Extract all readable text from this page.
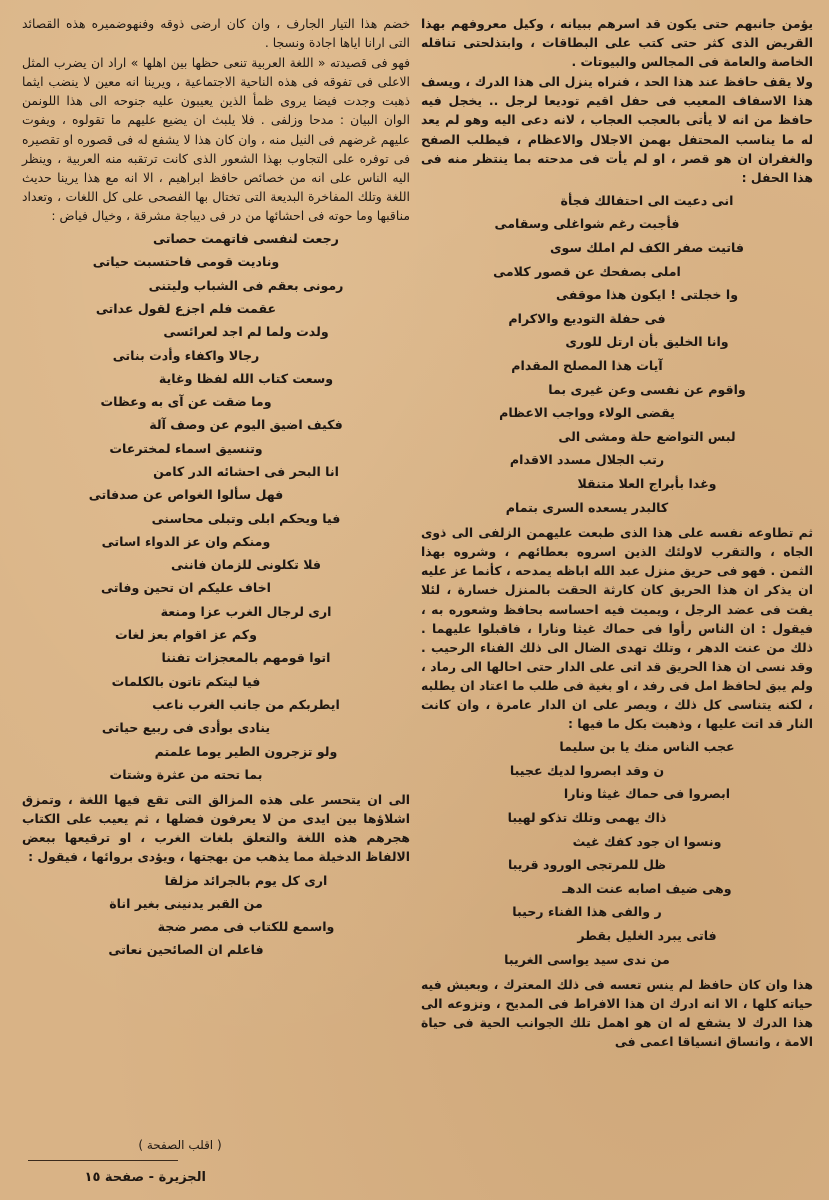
يؤمن جانبهم حتى يكون قد اسرهم ببيانه ، وكيل معروفهم بهذا القريض الذى كثر حتى كتب على البطاقات ، وابتذلحتى تناقله الخاصة والعامة فى المجالس والبيوتات .

ولا يقف حافظ عند هذا الحد ، فنراه ينزل الى هذا الدرك ، ويسف هذا الاسفاف المعيب فى حفل اقيم توديعا لرجل .. يخجل فيه حافظ من انه لا يأتى بالعجب العجاب ، لانه دعى اليه وهو لم يعد له ما يناسب المحتفل بهمن الاجلال والاعظام ، فيطلب الصفح والغفران ان هو قصر ، او لم يأت فى مدحته بما ينتظر منه فى هذا الحفل :

انى دعيت الى احتفالك فجأة

فأجبت رغم شواغلى وسقامى

فاتيت صفر الكف لم املك سوى

املى بصفحك عن قصور كلامى

وا خجلتى ! ايكون هذا موقفى

فى حفلة التوديع والاكرام

وانا الخليق بأن ارتل للورى

آيات هذا المصلح المقدام

واقوم عن نفسى وعن غيرى بما

يقضى الولاء وواجب الاعظام

لبس التواضع حلة ومشى الى

رتب الجلال مسدد الاقدام

وغدا بأبراج العلا متنقلا

كالبدر يسعده السرى بتمام

ثم تطاوعه نفسه على هذا الذى طبعت عليهمن الزلفى الى ذوى الجاه ، والتقرب لاولئك الذين اسروه بعطائهم ، وشروه بهذا الثمن . فهو فى حريق منزل عبد الله اباظه يمدحه ، كأنما عز عليه ان يذكر ان هذا الحريق كان كارثة الحقت بالمنزل خسارة ، لئلا يفت فى عضد الرجل ، ويميت فيه احساسه بحافظ وشعوره به ، فيقول : ان الناس رأوا فى حماك غيثا ونارا ، فاقبلوا عليهما . ذلك من عنت الدهر ، وتلك تهدى الضال الى ذلك الفناء الرحيب . وقد نسى ان هذا الحريق قد اتى على الدار حتى احالها الى رماد ، ولم يبق لحافظ امل فى رفد ، او بغية فى طلب ما اعتاد ان يطلبه ، لكنه يتناسى كل ذلك ، ويصر على ان الدار عامرة ، وان كانت النار قد اتت عليها ، وذهبت بكل ما فيها :

عجب الناس منك يا بن سليما

ن وقد ابصروا لديك عجيبا

ابصروا فى حماك غيثا ونارا

ذاك يهمى وتلك تذكو لهيبا

ونسوا ان جود كفك غيث

ظل للمرتجى الورود قريبا

وهى ضيف اصابه عنت الدهـ

ر والفى هذا الفناء رحيبا

فاتى يبرد الغليل بقطر

من ندى سيد يواسى الغريبا

هذا وان كان حافظ لم ينس تعسه فى ذلك المعترك ، وبعيش فيه حياته كلها ، الا انه ادرك ان هذا الافراط فى المديح ، ونزوعه الى هذا الدرك لا يشفع له ان هو اهمل تلك الجوانب الحية فى حياة الامة ، وانساق انسياقا اعمى فى

خضم هذا التيار الجارف ، وان كان ارضى ذوقه وفنهوضميره هذه القصائد التى ارانا اياها اجادة ونسجا .

فهو فى قصيدته « اللغة العربية تنعى حظها بين اهلها » اراد ان يضرب المثل الاعلى فى تفوقه فى هذه الناحية الاجتماعية ، ويرينا انه معين لا ينضب ايثما ذهبت وجدت فيضا يروى ظمأ الذين يعيبون عليه جنوحه الى هذا اللونمن الوان البيان : مدحا وزلفى . فلا يلبث ان يضيع عليهم ما تقولوه ، ويفوت عليهم غرضهم فى النيل منه ، وان كان هذا لا يشفع له فى قصوره او تقصيره فى توفره على التجاوب بهذا الشعور الذى كانت ترتقبه منه العربية ، وينظر اليه الناس على انه من خصائص حافظ ابراهيم ، الا انه مع هذا يرينا حديث اللغة وتلك المفاخرة البديعة التى تختال بها الفصحى على كل اللغات ، وتعداد مناقبها وما حوته فى احشائها من در فى ديباجة مشرقة ، وخيال فياض :

رجعت لنفسى فاتهمت حصاتى

وناديت قومى فاحتسبت حياتى

رمونى بعقم فى الشباب وليتنى

عقمت فلم اجزع لقول عداتى

ولدت ولما لم اجد لعرائسى

رجالا واكفاء وأدت بناتى

وسعت كتاب الله لفظا وغاية

وما ضقت عن آى به وعظات

فكيف اضيق اليوم عن وصف آلة

وتنسيق اسماء لمخترعات

انا البحر فى احشائه الدر كامن

فهل سألوا الغواص عن صدفاتى

فيا ويحكم ابلى وتبلى محاسنى

ومنكم وان عز الدواء اساتى

فلا تكلونى للزمان فاننى

اخاف عليكم ان تحين وفاتى

ارى لرجال الغرب عزا ومنعة

وكم عز اقوام بعز لغات

اتوا قومهم بالمعجزات تفننا

فيا ليتكم تاتون بالكلمات

ايطربكم من جانب الغرب ناعب

ينادى بوأدى فى ربيع حياتى

ولو تزجرون الطير يوما علمتم

بما تحته من عثرة وشتات

الى ان يتحسر على هذه المزالق التى تقع فيها اللغة ، وتمزق اشلاؤها بين ايدى من لا يعرفون فضلها ، ثم يعيب على الكتاب هجرهم هذه اللغة والتعلق بلغات الغرب ، او ترقيعها ببعض الالفاظ الدخيلة مما يذهب من بهجتها ، ويؤدى بروائها ، فيقول :

ارى كل يوم بالجرائد مزلقا

من القبر يدنينى بغير اناة

واسمع للكتاب فى مصر ضجة

فاعلم ان الصائحين نعاتى

( اقلب الصفحة )
الجزيرة - صفحة ١٥
